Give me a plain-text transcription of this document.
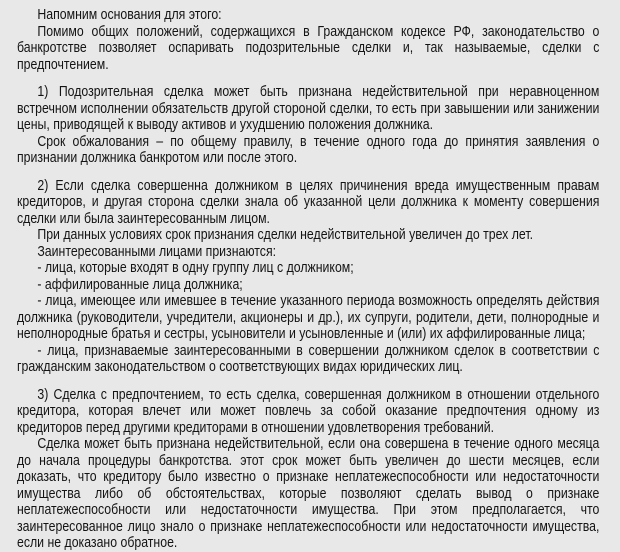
Напомним основания для этого:

Помимо общих положений, содержащихся в Гражданском кодексе РФ, законодательство о банкротстве позволяет оспаривать подозрительные сделки и, так называемые, сделки с предпочтением.

1) Подозрительная сделка может быть признана недействительной при неравноценном встречном исполнении обязательств другой стороной сделки, то есть при завышении или занижении цены, приводящей к выводу активов и ухудшению положения должника.

Срок обжалования – по общему правилу, в течение одного года до принятия заявления о признании должника банкротом или после этого.

2) Если сделка совершенна должником в целях причинения вреда имущественным правам кредиторов, и другая сторона сделки знала об указанной цели должника к моменту совершения сделки или была заинтересованным лицом.

При данных условиях срок признания сделки недействительной увеличен до трех лет.

Заинтересованными лицами признаются:

- лица, которые входят в одну группу лиц с должником;

- аффилированные лица должника;

- лица, имеющее или имевшее в течение указанного периода возможность определять действия должника (руководители, учредители, акционеры и др.), их супруги, родители, дети, полнородные и неполнородные братья и сестры, усыновители и усыновленные и (или) их аффилированные лица;

- лица, признаваемые заинтересованными в совершении должником сделок в соответствии с гражданским законодательством о соответствующих видах юридических лиц.

3) Сделка с предпочтением, то есть сделка, совершенная должником в отношении отдельного кредитора, которая влечет или может повлечь за собой оказание предпочтения одному из кредиторов перед другими кредиторами в отношении удовлетворения требований.

Сделка может быть признана недействительной, если она совершена в течение одного месяца до начала процедуры банкротства. этот срок может быть увеличен до шести месяцев, если доказать, что кредитору было известно о признаке неплатежеспособности или недостаточности имущества либо об обстоятельствах, которые позволяют сделать вывод о признаке неплатежеспособности или недостаточности имущества. При этом предполагается, что заинтересованное лицо знало о признаке неплатежеспособности или недостаточности имущества, если не доказано обратное.
